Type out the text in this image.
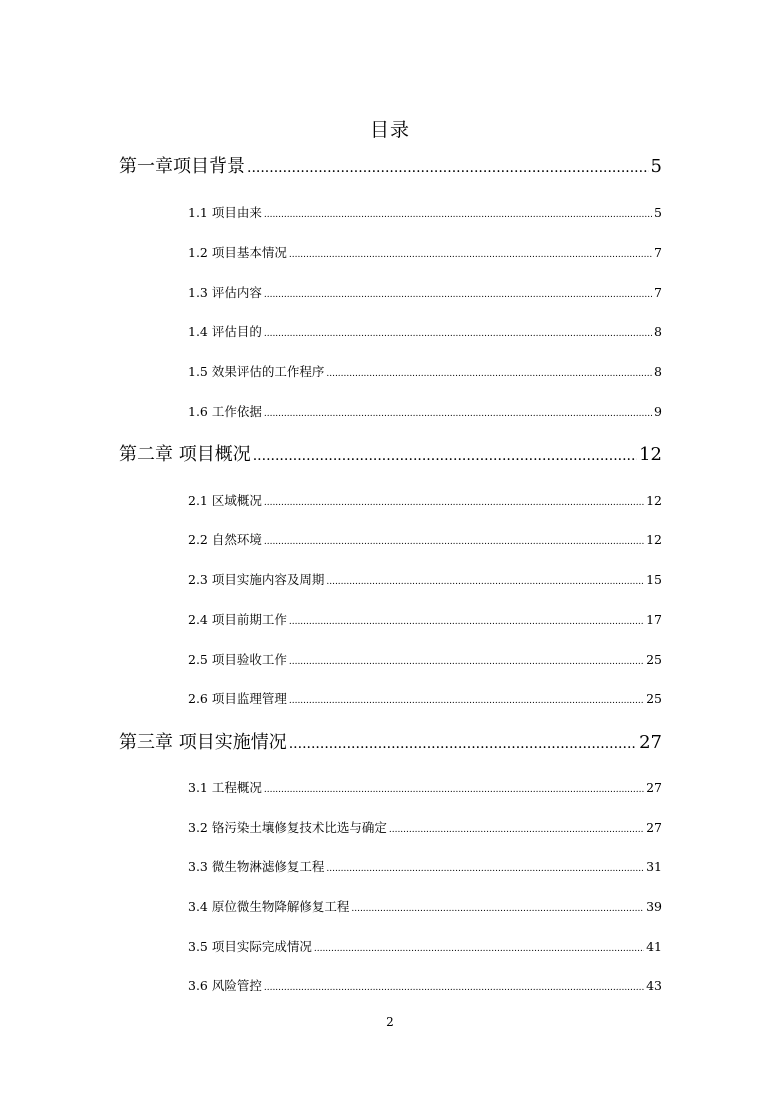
目录
第一章项目背景 .....	5
1.1 项目由来 .....	5
1.2 项目基本情况 .....	7
1.3 评估内容 .....	7
1.4 评估目的 .....	8
1.5 效果评估的工作程序 .....	8
1.6 工作依据 .....	9
第二章 项目概况 .....	12
2.1 区域概况 .....	12
2.2 自然环境 .....	12
2.3 项目实施内容及周期 .....	15
2.4 项目前期工作 .....	17
2.5 项目验收工作 .....	25
2.6 项目监理管理 .....	25
第三章 项目实施情况 .....	27
3.1 工程概况 .....	27
3.2 铬污染土壤修复技术比选与确定 .....	27
3.3 微生物淋滤修复工程 .....	31
3.4 原位微生物降解修复工程 .....	39
3.5 项目实际完成情况 .....	41
3.6 风险管控 .....	43
2
